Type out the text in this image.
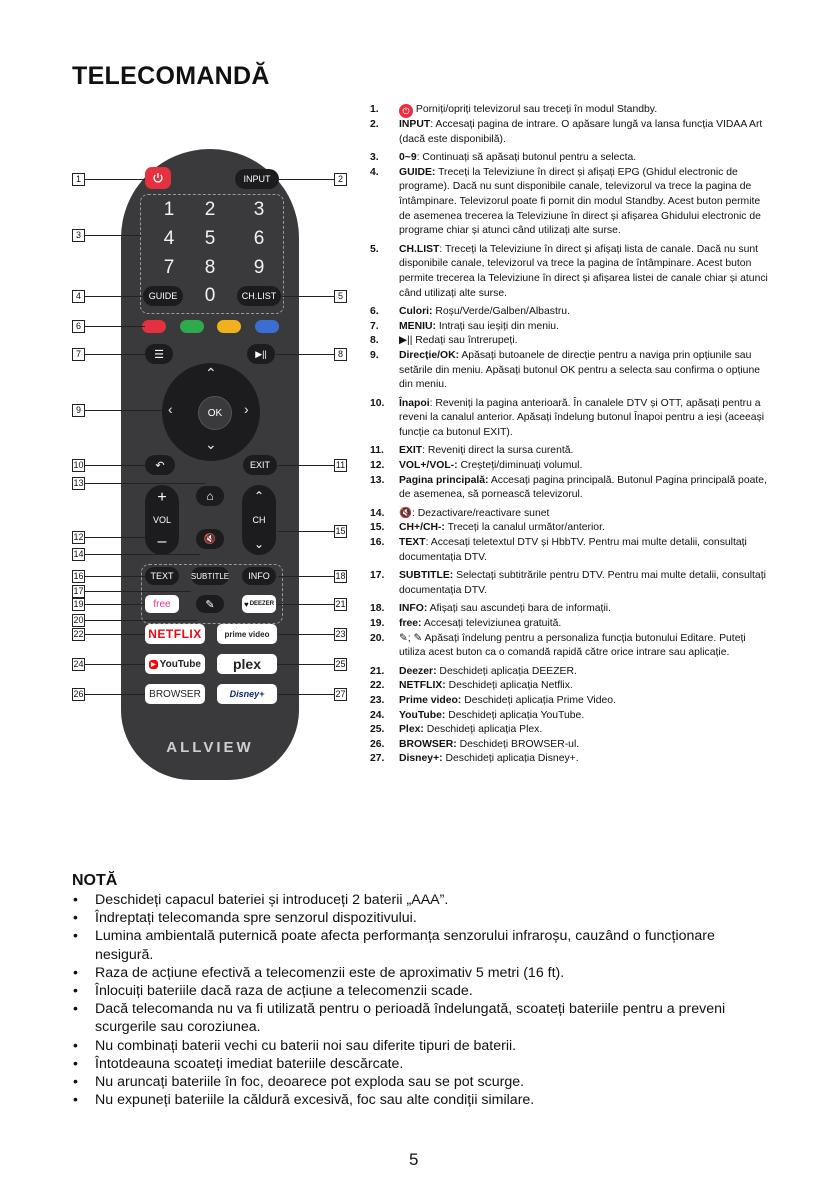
TELECOMANDĂ
INPUT
1	2	3
4	5	6
7	8	9
0
GUIDE	CH.LIST
☰	▶||
⌃
⌄
‹	›
OK
↶	EXIT
+
VOL
–
⌂
🔇
⌃
CH
⌄
TEXT	SUBTITLE	INFO
free	✎	♥ DEEZER
NETFLIX	prime video
▶ YouTube	plex
BROWSER	Disney+
ALLVIEW
1
3
4
6
7
9
10
13
12
14
16
17
19
20
22
24
26
2
5
8
11
15
18
21
23
25
27
1.	⏻ Porniți/opriți televizorul sau treceți în modul Standby.
2. INPUT: Accesați pagina de intrare. O apăsare lungă va lansa funcția VIDAA Art (dacă este disponibilă).
3. 0~9: Continuați să apăsați butonul pentru a selecta.
4. GUIDE: Treceți la Televiziune în direct și afișați EPG (Ghidul electronic de programe). Dacă nu sunt disponibile canale, televizorul va trece la pagina de întâmpinare. Televizorul poate fi pornit din modul Standby. Acest buton permite de asemenea trecerea la Televiziune în direct și afișarea Ghidului electronic de programe chiar și atunci când utilizați alte surse.
5. CH.LIST: Treceți la Televiziune în direct și afișați lista de canale. Dacă nu sunt disponibile canale, televizorul va trece la pagina de întâmpinare. Acest buton permite trecerea la Televiziune în direct și afișarea listei de canale chiar și atunci când utilizați alte surse.
6. Culori: Roșu/Verde/Galben/Albastru.
7. MENIU: Intrați sau ieșiți din meniu.
8. ▶|| Redați sau întrerupeți.
9. Direcție/OK: Apăsați butoanele de direcție pentru a naviga prin opțiunile sau setările din meniu. Apăsați butonul OK pentru a selecta sau confirma o opțiune din meniu.
10. Înapoi: Reveniți la pagina anterioară. În canalele DTV și OTT, apăsați pentru a reveni la canalul anterior. Apăsați îndelung butonul Înapoi pentru a ieși (aceeași funcție ca butonul EXIT).
11. EXIT: Reveniți direct la sursa curentă.
12. VOL+/VOL-: Creșteți/diminuați volumul.
13. Pagina principală: Accesați pagina principală. Butonul Pagina principală poate, de asemenea, să pornească televizorul.
14. 🔇: Dezactivare/reactivare sunet
15. CH+/CH-: Treceți la canalul următor/anterior.
16. TEXT: Accesați teletextul DTV și HbbTV. Pentru mai multe detalii, consultați documentația DTV.
17. SUBTITLE: Selectați subtitrările pentru DTV. Pentru mai multe detalii, consultați documentația DTV.
18. INFO: Afișați sau ascundeți bara de informații.
19. free: Accesați televiziunea gratuită.
20. ✎; ✎ Apăsați îndelung pentru a personaliza funcția butonului Editare. Puteți utiliza acest buton ca o comandă rapidă către orice intrare sau aplicație.
21. Deezer: Deschideți aplicația DEEZER.
22. NETFLIX: Deschideți aplicația Netflix.
23. Prime video: Deschideți aplicația Prime Video.
24. YouTube: Deschideți aplicația YouTube.
25. Plex: Deschideți aplicația Plex.
26. BROWSER: Deschideți BROWSER-ul.
27. Disney+: Deschideți aplicația Disney+.
NOTĂ
• Deschideți capacul bateriei și introduceți 2 baterii „AAA”.
• Îndreptați telecomanda spre senzorul dispozitivului.
• Lumina ambientală puternică poate afecta performanța senzorului infraroșu, cauzând o funcționare nesigură.
• Raza de acțiune efectivă a telecomenzii este de aproximativ 5 metri (16 ft).
• Înlocuiți bateriile dacă raza de acțiune a telecomenzii scade.
• Dacă telecomanda nu va fi utilizată pentru o perioadă îndelungată, scoateți bateriile pentru a preveni scurgerile sau coroziunea.
• Nu combinați baterii vechi cu baterii noi sau diferite tipuri de baterii.
• Întotdeauna scoateți imediat bateriile descărcate.
• Nu aruncați bateriile în foc, deoarece pot exploda sau se pot scurge.
• Nu expuneți bateriile la căldură excesivă, foc sau alte condiții similare.
5
